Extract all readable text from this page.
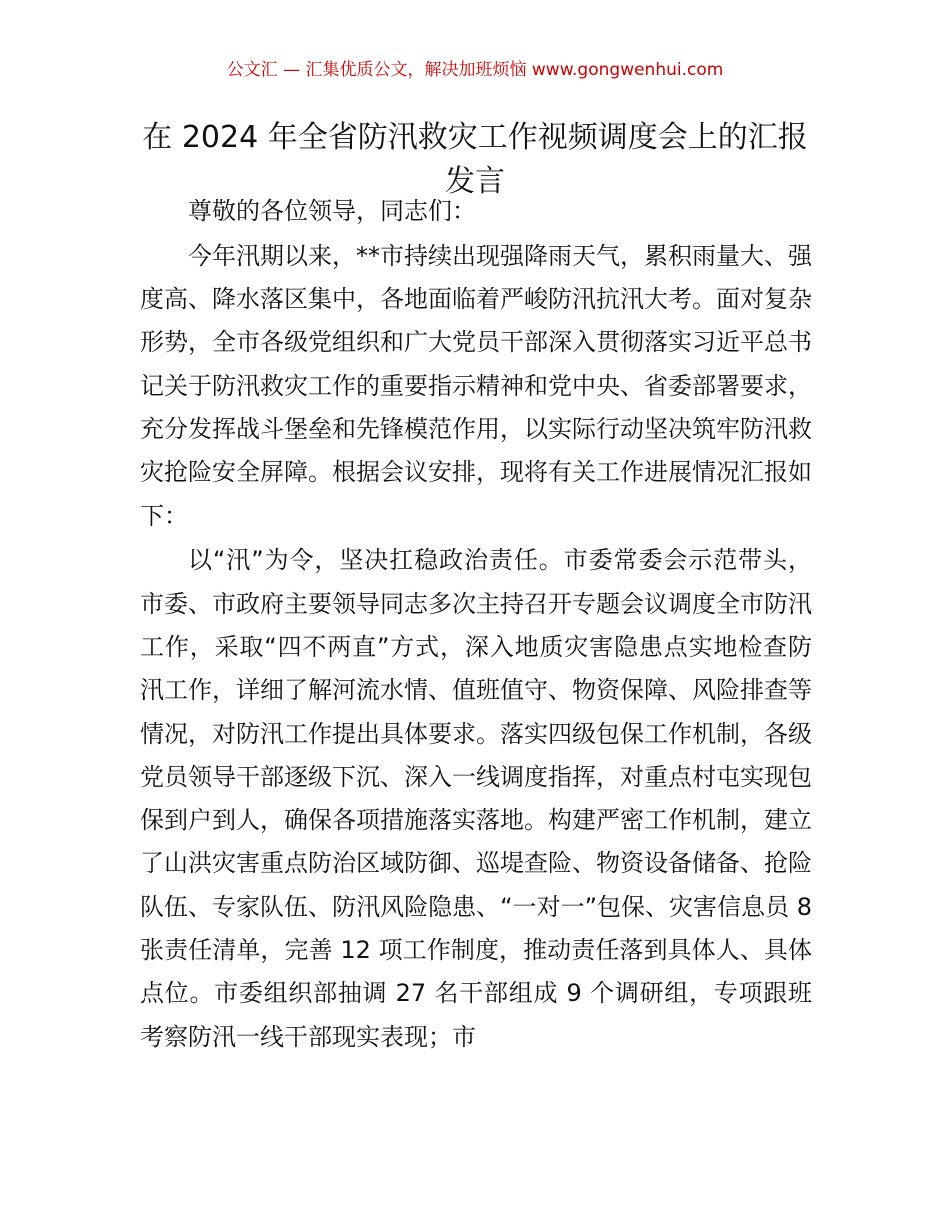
公文汇 — 汇集优质公文，解决加班烦恼 www.gongwenhui.com
在 2024 年全省防汛救灾工作视频调度会上的汇报发言

尊敬的各位领导，同志们：

今年汛期以来，**市持续出现强降雨天气，累积雨量大、强度高、降水落区集中，各地面临着严峻防汛抗汛大考。面对复杂形势，全市各级党组织和广大党员干部深入贯彻落实习近平总书记关于防汛救灾工作的重要指示精神和党中央、省委部署要求，充分发挥战斗堡垒和先锋模范作用，以实际行动坚决筑牢防汛救灾抢险安全屏障。根据会议安排，现将有关工作进展情况汇报如下：

以“汛”为令，坚决扛稳政治责任。市委常委会示范带头，市委、市政府主要领导同志多次主持召开专题会议调度全市防汛工作，采取“四不两直”方式，深入地质灾害隐患点实地检查防汛工作，详细了解河流水情、值班值守、物资保障、风险排查等情况，对防汛工作提出具体要求。落实四级包保工作机制，各级党员领导干部逐级下沉、深入一线调度指挥，对重点村屯实现包保到户到人，确保各项措施落实落地。构建严密工作机制，建立了山洪灾害重点防治区域防御、巡堤查险、物资设备储备、抢险队伍、专家队伍、防汛风险隐患、“一对一”包保、灾害信息员 8 张责任清单，完善 12 项工作制度，推动责任落到具体人、具体点位。市委组织部抽调 27 名干部组成 9 个调研组，专项跟班考察防汛一线干部现实表现；市
